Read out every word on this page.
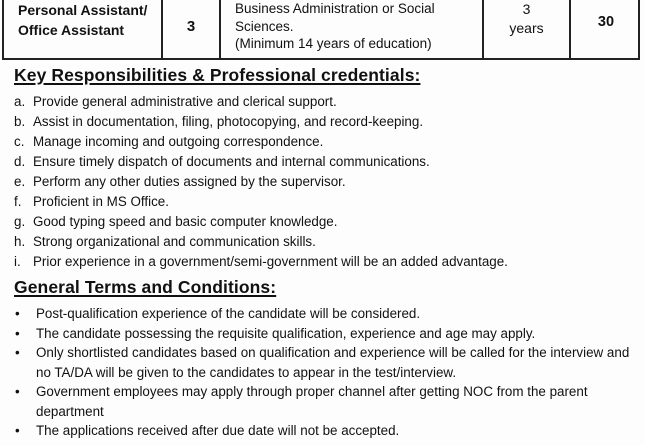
Personal Assistant/ Office Assistant	3
Business Administration or Social
Sciences.
(Minimum 14 years of education)
3
years	30
Key Responsibilities & Professional credentials:
a. Provide general administrative and clerical support.
b. Assist in documentation, filing, photocopying, and record-keeping.
c. Manage incoming and outgoing correspondence.
d. Ensure timely dispatch of documents and internal communications.
e. Perform any other duties assigned by the supervisor.
f. Proficient in MS Office.
g. Good typing speed and basic computer knowledge.
h. Strong organizational and communication skills.
i. Prior experience in a government/semi-government will be an added advantage.
General Terms and Conditions:
• Post-qualification experience of the candidate will be considered.
• The candidate possessing the requisite qualification, experience and age may apply.
• Only shortlisted candidates based on qualification and experience will be called for the interview and no TA/DA will be given to the candidates to appear in the test/interview.
• Government employees may apply through proper channel after getting NOC from the parent department
• The applications received after due date will not be accepted.
